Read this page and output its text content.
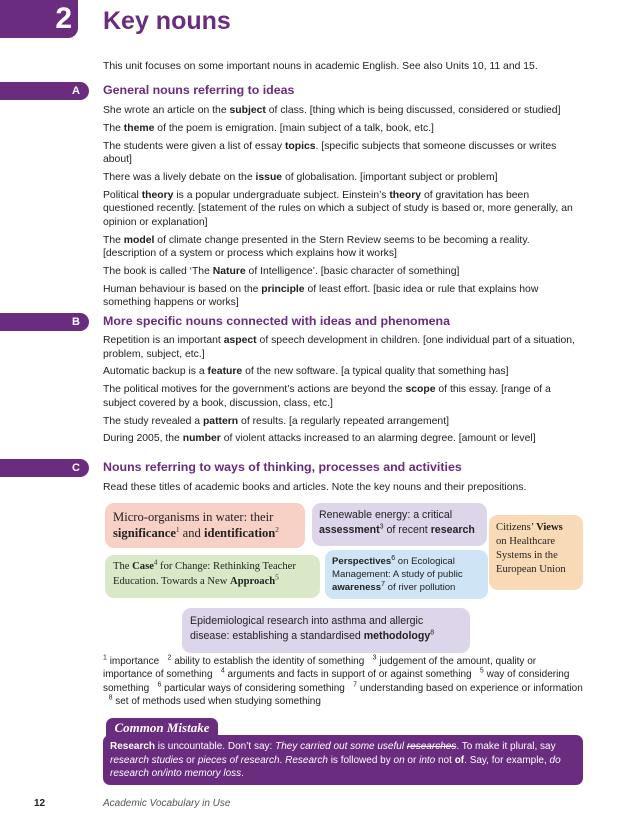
2 Key nouns
This unit focuses on some important nouns in academic English. See also Units 10, 11 and 15.
A	General nouns referring to ideas

She wrote an article on the subject of class. [thing which is being discussed, considered or studied]

The theme of the poem is emigration. [main subject of a talk, book, etc.]

The students were given a list of essay topics. [specific subjects that someone discusses or writes about]

There was a lively debate on the issue of globalisation. [important subject or problem]

Political theory is a popular undergraduate subject. Einstein’s theory of gravitation has been questioned recently. [statement of the rules on which a subject of study is based or, more generally, an opinion or explanation]

The model of climate change presented in the Stern Review seems to be becoming a reality. [description of a system or process which explains how it works]

The book is called ‘The Nature of Intelligence’. [basic character of something]

Human behaviour is based on the principle of least effort. [basic idea or rule that explains how something happens or works]

B	More specific nouns connected with ideas and phenomena

Repetition is an important aspect of speech development in children. [one individual part of a situation, problem, subject, etc.]

Automatic backup is a feature of the new software. [a typical quality that something has]

The political motives for the government’s actions are beyond the scope of this essay. [range of a subject covered by a book, discussion, class, etc.]

The study revealed a pattern of results. [a regularly repeated arrangement]

During 2005, the number of violent attacks increased to an alarming degree. [amount or level]

C	Nouns referring to ways of thinking, processes and activities
Read these titles of academic books and articles. Note the key nouns and their prepositions.
Micro-organisms in water: their significance$^1$ and identification$^2$
Renewable energy: a critical assessment$^3$ of recent research	Citizens’ Views on Healthcare Systems in the European Union
The Case$^4$ for Change: Rethinking Teacher Education. Towards a New Approach$^5$
Perspectives$^6$ on Ecological Management: A study of public awareness$^7$ of river pollution
Epidemiological research into asthma and allergic disease: establishing a standardised methodology$^8$
$^1$ importance $^2$ ability to establish the identity of something $^3$ judgement of the amount, quality or importance of something $^4$ arguments and facts in support of or against something $^5$ way of considering something $^6$ particular ways of considering something $^7$ understanding based on experience or information   $^8$ set of methods used when studying something
Research is uncountable. Don’t say: They carried out some useful researches. To make it plural, say research studies or pieces of research. Research is followed by on or into not of. Say, for example, do research on/into memory loss.
Common Mistake
12	Academic Vocabulary in Use
